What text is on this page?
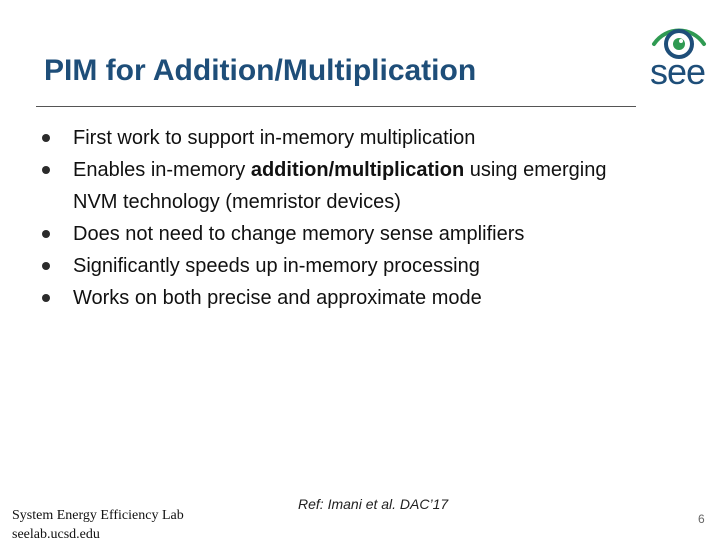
PIM for Addition/Multiplication	see
First work to support in-memory multiplication
Enables in-memory addition/multiplication using emerging
NVM technology (memristor devices)
Does not need to change memory sense amplifiers
Significantly speeds up in-memory processing
Works on both precise and approximate mode
Ref: Imani et al. DAC’17
System Energy Efficiency Lab
seelab.ucsd.edu
6
